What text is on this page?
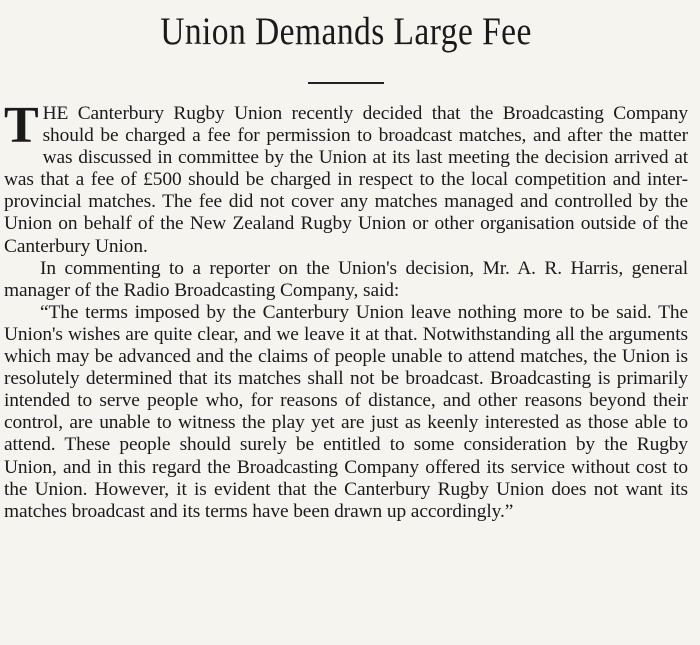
Union Demands Large Fee

THE Canterbury Rugby Union recently decided that the Broadcasting Company should be charged a fee for permission to broadcast matches, and after the matter was discussed in committee by the Union at its last meeting the decision arrived at was that a fee of £500 should be charged in respect to the local competition and inter-provincial matches. The fee did not cover any matches managed and controlled by the Union on behalf of the New Zealand Rugby Union or other organisation outside of the Canterbury Union.

In commenting to a reporter on the Union's decision, Mr. A. R. Harris, general manager of the Radio Broadcasting Company, said:

“The terms imposed by the Canterbury Union leave nothing more to be said. The Union's wishes are quite clear, and we leave it at that. Notwithstanding all the arguments which may be advanced and the claims of people unable to attend matches, the Union is resolutely determined that its matches shall not be broadcast. Broadcasting is primarily intended to serve people who, for reasons of distance, and other reasons beyond their control, are unable to witness the play yet are just as keenly interested as those able to attend. These people should surely be entitled to some consideration by the Rugby Union, and in this regard the Broadcasting Company offered its service without cost to the Union. However, it is evident that the Canterbury Rugby Union does not want its matches broadcast and its terms have been drawn up accordingly.”
